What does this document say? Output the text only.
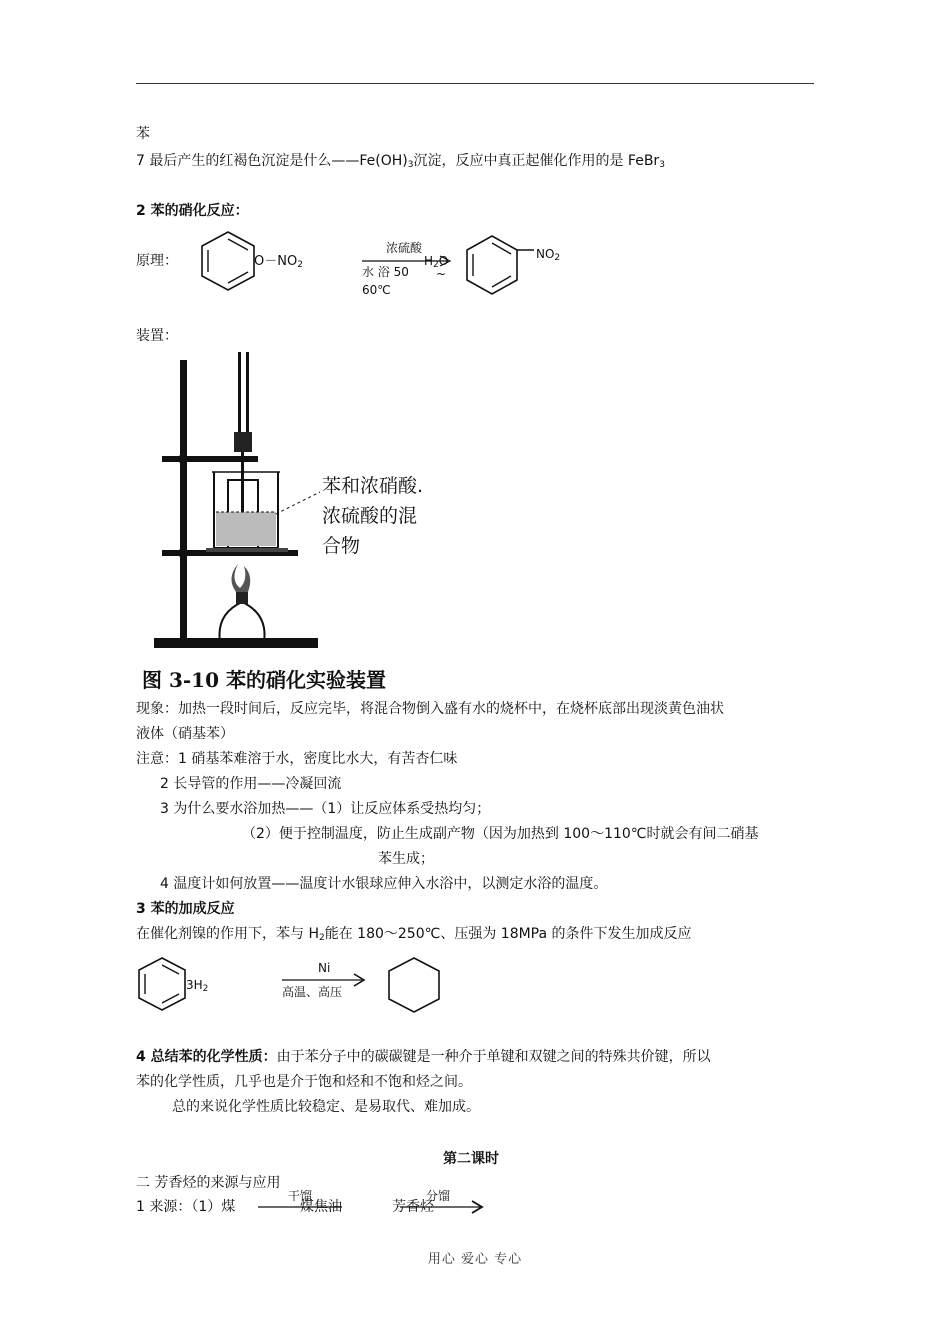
苯
7 最后产生的红褐色沉淀是什么$——Fe(OH)_3$沉淀，反应中真正起催化作用的是 FeBr$_3$
2 苯的硝化反应：
原理：	$O-NO_2$
浓硫酸
水 浴 50
$H_2O$
~
60℃
$NO_2$
装置：
苯和浓硝酸.
浓硫酸的混
合物
图 3-10 苯的硝化实验装置
现象：加热一段时间后，反应完毕，将混合物倒入盛有水的烧杯中，在烧杯底部出现淡黄色油状
液体（硝基苯）
注意：1 硝基苯难溶于水，密度比水大，有苦杏仁味
2 长导管的作用——冷凝回流
3 为什么要水浴加热——（1）让反应体系受热均匀；
（2）便于控制温度，防止生成副产物（因为加热到 100～110℃时就会有间二硝基
苯生成；
4 温度计如何放置——温度计水银球应伸入水浴中，以测定水浴的温度。
3 苯的加成反应
在催化剂镍的作用下，苯与 $H_2$能在 180～250℃、压强为 18MPa 的条件下发生加成反应
$3H_2$
Ni
高温、高压
4 总结苯的化学性质：由于苯分子中的碳碳键是一种介于单键和双键之间的特殊共价键，所以
苯的化学性质，几乎也是介于饱和烃和不饱和烃之间。
总的来说化学性质比较稳定、是易取代、难加成。
第二课时
二 芳香烃的来源与应用
1 来源：（1）煤
干馏
煤焦油
分馏
芳香烃
用心 爱心 专心
